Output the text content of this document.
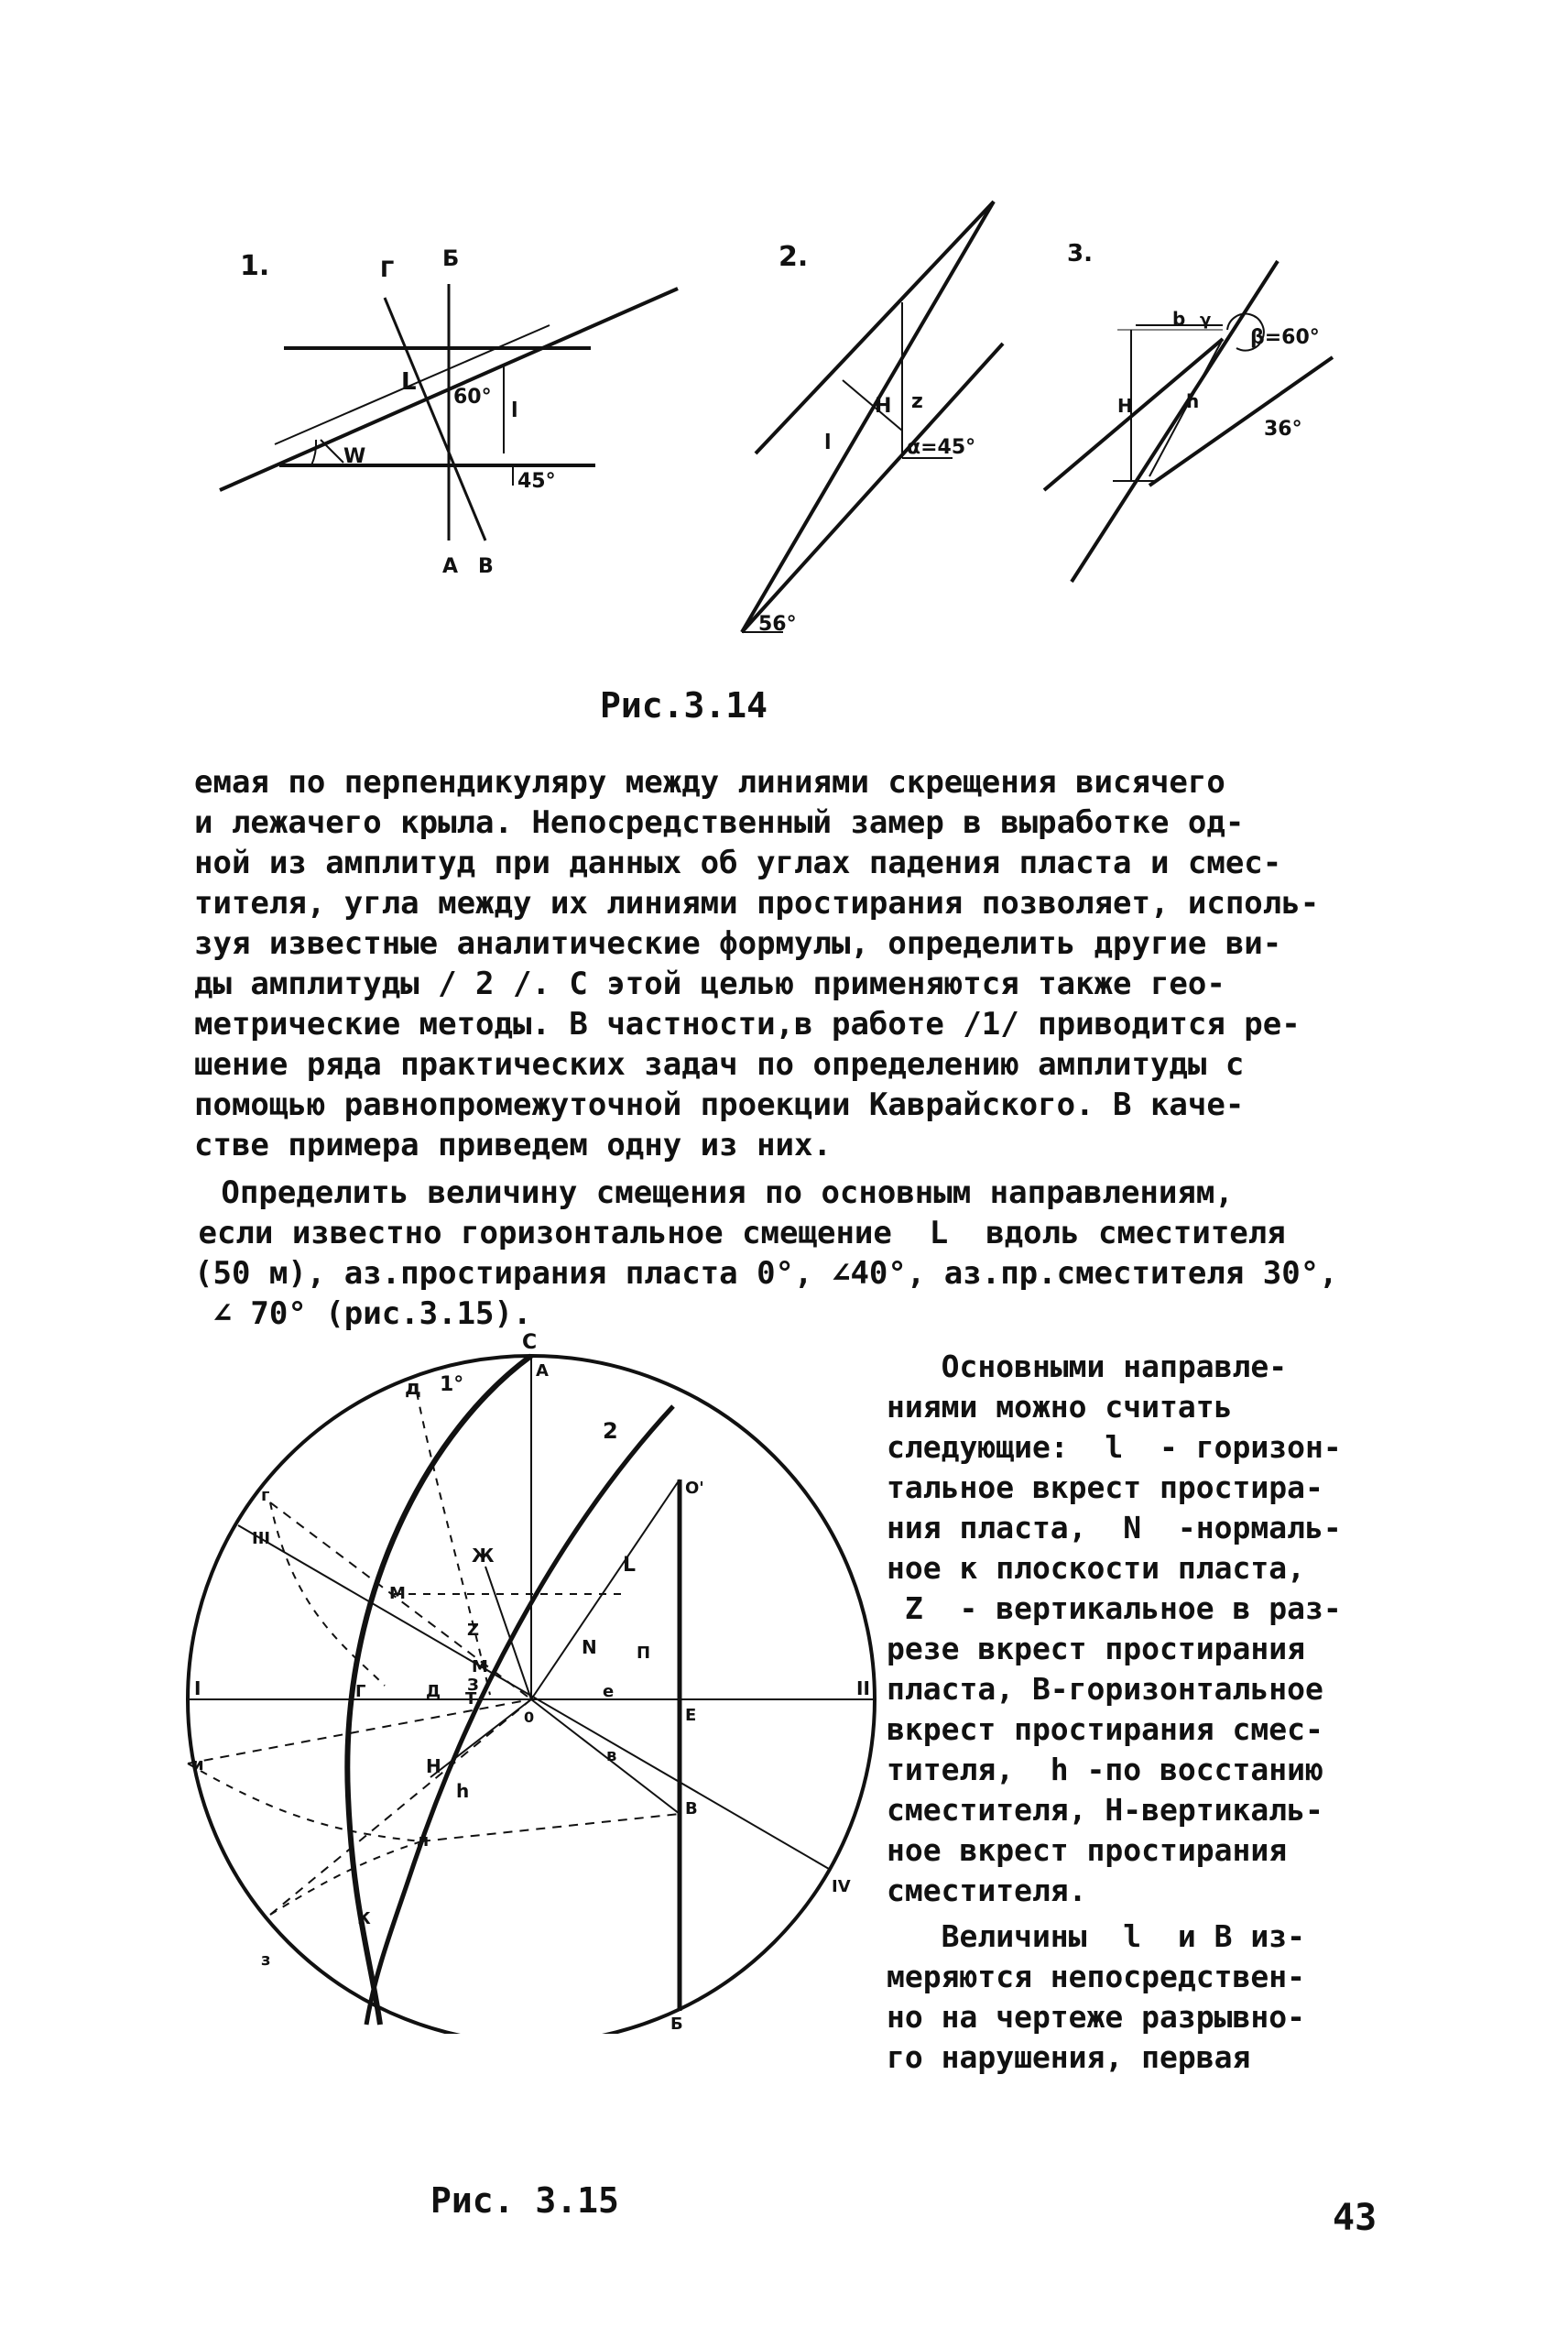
1.	Г Б
L
60°
l
W
45°
А В
2.
z
H
l	α=45°
56°
3.
b γ
β=60°
H	h
36°
Рис.3.14
емая по перпендикуляру между линиями скрещения висячего
и лежачего крыла. Непосредственный замер в выработке од-
ной из амплитуд при данных об углах падения пласта и смес-
тителя, угла между их линиями простирания позволяет, исполь-
зуя известные аналитические формулы, определить другие ви-
ды амплитуды / 2 /. С этой целью применяются также гео-
метрические методы. В частности,в работе /1/ приводится ре-
шение ряда практических задач по определению амплитуды с
помощью равнопромежуточной проекции Каврайского. В каче-
стве примера приведем одну из них.
Определить величину смещения по основным направлениям,
если известно горизонтальное смещение  L  вдоль сместителя
(50 м), аз.простирания пласта 0°, ∠40°, аз.пр.сместителя 30°,
∠ 70° (рис.3.15).
С
А
д 1°
2
O'
г
III
М
Ж
Z
L
N П
М
З
I	Г	Д Т	е
Е
II
и
0
в
В
л
h
H
К
з
Б
IV
Рис. 3.15
Основными направле-
ниями можно считать
следующие:  l  - горизон-
тальное вкрест простира-
ния пласта,  N  -нормаль-
ное к плоскости пласта,
Z  - вертикальное в раз-
резе вкрест простирания
пласта, В-горизонтальное
вкрест простирания смес-
тителя,  h -по восстанию
сместителя, Н-вертикаль-
ное вкрест простирания
сместителя.
Величины  l  и В из-
меряются непосредствен-
но на чертеже разрывно-
го нарушения, первая
43
